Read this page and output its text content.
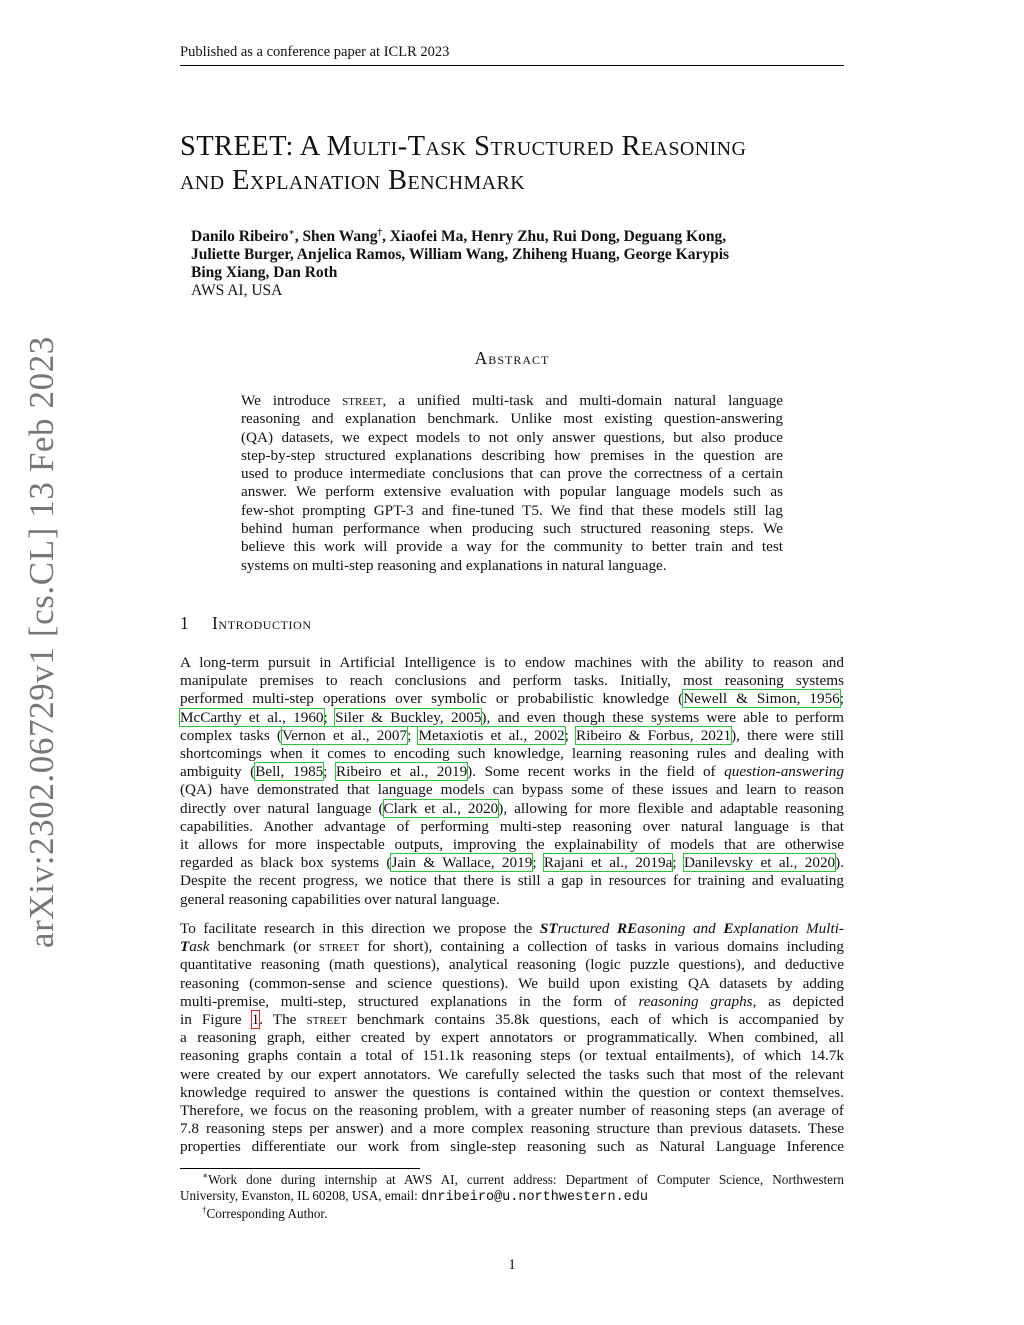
Published as a conference paper at ICLR 2023
arXiv:2302.06729v1 [cs.CL] 13 Feb 2023
STREET: A Multi-Task Structured Reasoning
and Explanation Benchmark
Danilo Ribeiro∗, Shen Wang†, Xiaofei Ma, Henry Zhu, Rui Dong, Deguang Kong,
Juliette Burger, Anjelica Ramos, William Wang, Zhiheng Huang, George Karypis
Bing Xiang, Dan Roth
AWS AI, USA
Abstract
We introduce street, a unified multi-task and multi-domain natural language
reasoning and explanation benchmark. Unlike most existing question-answering
(QA) datasets, we expect models to not only answer questions, but also produce
step-by-step structured explanations describing how premises in the question are
used to produce intermediate conclusions that can prove the correctness of a certain
answer. We perform extensive evaluation with popular language models such as
few-shot prompting GPT-3 and fine-tuned T5. We find that these models still lag
behind human performance when producing such structured reasoning steps. We
believe this work will provide a way for the community to better train and test
systems on multi-step reasoning and explanations in natural language.
1 Introduction
A long-term pursuit in Artificial Intelligence is to endow machines with the ability to reason and
manipulate premises to reach conclusions and perform tasks. Initially, most reasoning systems
performed multi-step operations over symbolic or probabilistic knowledge (Newell & Simon, 1956;
McCarthy et al., 1960; Siler & Buckley, 2005), and even though these systems were able to perform
complex tasks (Vernon et al., 2007; Metaxiotis et al., 2002; Ribeiro & Forbus, 2021), there were still
shortcomings when it comes to encoding such knowledge, learning reasoning rules and dealing with
ambiguity (Bell, 1985; Ribeiro et al., 2019). Some recent works in the field of question-answering
(QA) have demonstrated that language models can bypass some of these issues and learn to reason
directly over natural language (Clark et al., 2020), allowing for more flexible and adaptable reasoning
capabilities. Another advantage of performing multi-step reasoning over natural language is that
it allows for more inspectable outputs, improving the explainability of models that are otherwise
regarded as black box systems (Jain & Wallace, 2019; Rajani et al., 2019a; Danilevsky et al., 2020).
Despite the recent progress, we notice that there is still a gap in resources for training and evaluating
general reasoning capabilities over natural language.
To facilitate research in this direction we propose the STructured REasoning and Explanation Multi-
Task benchmark (or street for short), containing a collection of tasks in various domains including
quantitative reasoning (math questions), analytical reasoning (logic puzzle questions), and deductive
reasoning (common-sense and science questions). We build upon existing QA datasets by adding
multi-premise, multi-step, structured explanations in the form of reasoning graphs, as depicted
in Figure 1. The street benchmark contains 35.8k questions, each of which is accompanied by
a reasoning graph, either created by expert annotators or programmatically. When combined, all
reasoning graphs contain a total of 151.1k reasoning steps (or textual entailments), of which 14.7k
were created by our expert annotators. We carefully selected the tasks such that most of the relevant
knowledge required to answer the questions is contained within the question or context themselves.
Therefore, we focus on the reasoning problem, with a greater number of reasoning steps (an average of
7.8 reasoning steps per answer) and a more complex reasoning structure than previous datasets. These
properties differentiate our work from single-step reasoning such as Natural Language Inference
∗Work done during internship at AWS AI, current address: Department of Computer Science, Northwestern
University, Evanston, IL 60208, USA, email: dnribeiro@u.northwestern.edu
†Corresponding Author.
1
